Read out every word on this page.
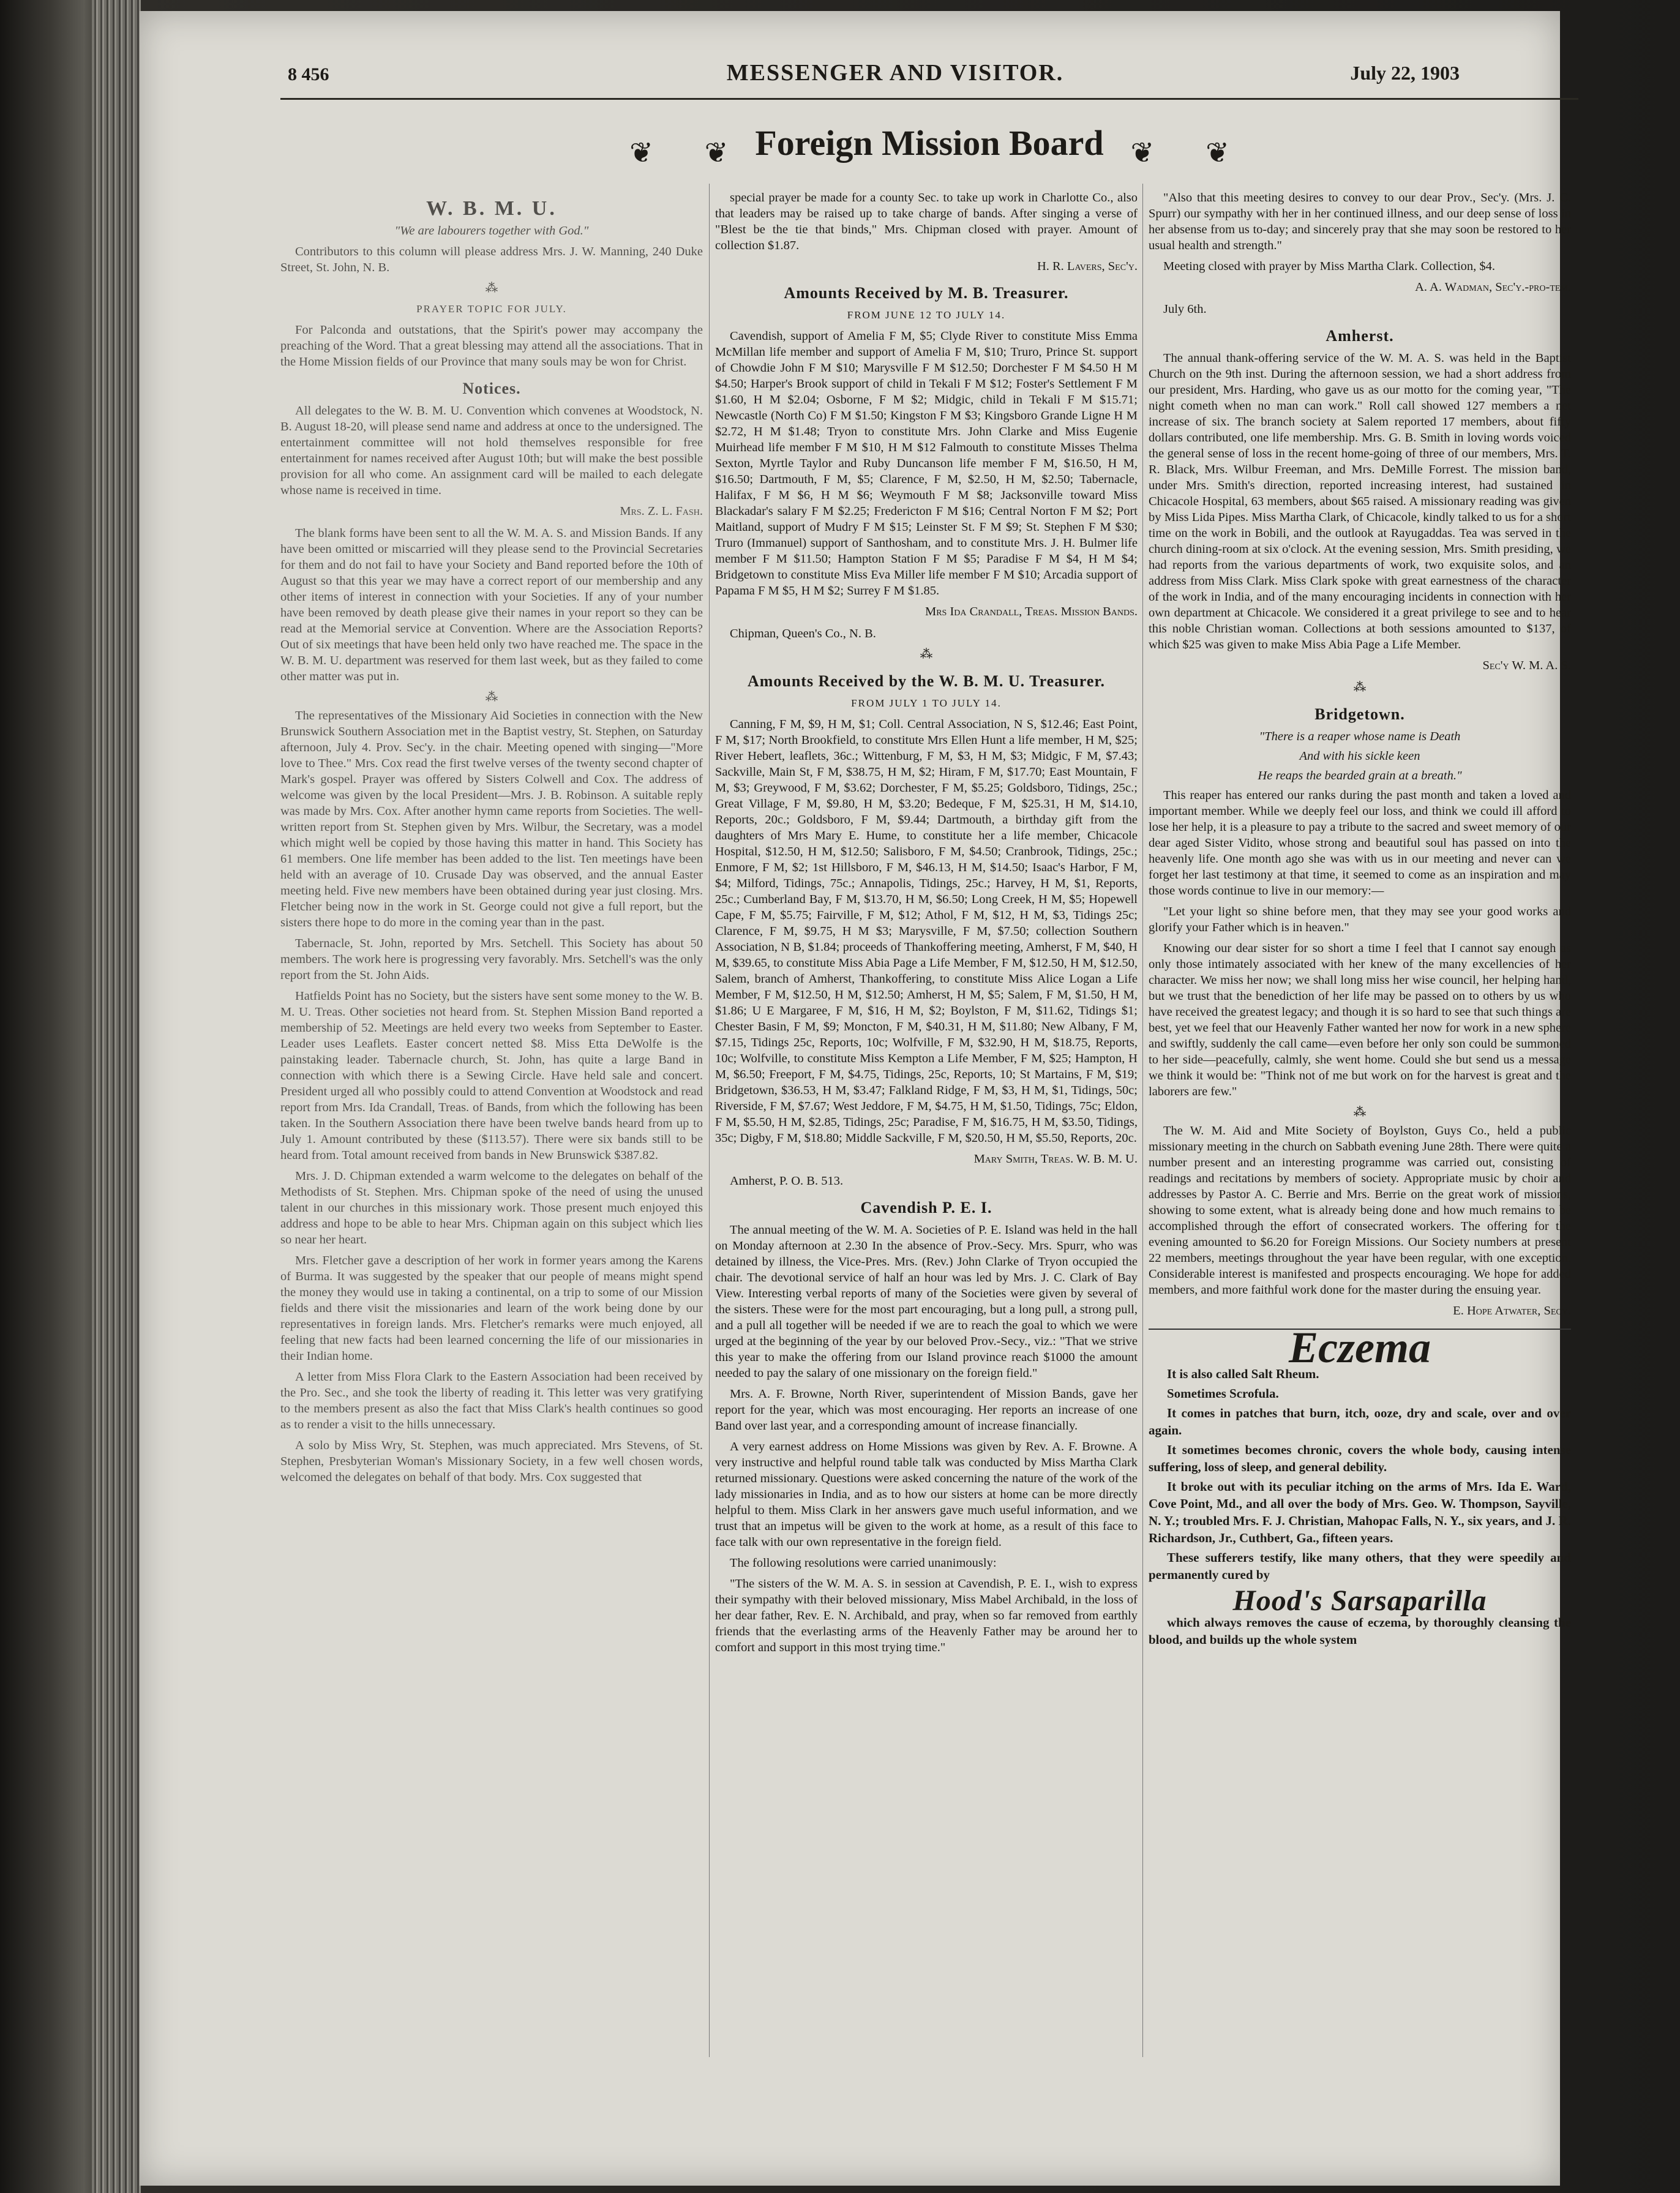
8 456	MESSENGER AND VISITOR.	July 22, 1903
❦ ❦ Foreign Mission Board ❦ ❦
W. B. M. U.
"We are labourers together with God."

Contributors to this column will please address Mrs. J. W. Manning, 240 Duke Street, St. John, N. B.

⁂
PRAYER TOPIC FOR JULY.

For Palconda and outstations, that the Spirit's power may accompany the preaching of the Word. That a great blessing may attend all the associations. That in the Home Mission fields of our Province that many souls may be won for Christ.

Notices.

All delegates to the W. B. M. U. Convention which convenes at Woodstock, N. B. August 18-20, will please send name and address at once to the undersigned. The entertainment committee will not hold themselves responsible for free entertainment for names received after August 10th; but will make the best possible provision for all who come. An assignment card will be mailed to each delegate whose name is received in time.

Mrs. Z. L. Fash.

The blank forms have been sent to all the W. M. A. S. and Mission Bands. If any have been omitted or miscarried will they please send to the Provincial Secretaries for them and do not fail to have your Society and Band reported before the 10th of August so that this year we may have a correct report of our membership and any other items of interest in connection with your Societies. If any of your number have been removed by death please give their names in your report so they can be read at the Memorial service at Convention. Where are the Association Reports? Out of six meetings that have been held only two have reached me. The space in the W. B. M. U. department was reserved for them last week, but as they failed to come other matter was put in.

⁂

The representatives of the Missionary Aid Societies in connection with the New Brunswick Southern Association met in the Baptist vestry, St. Stephen, on Saturday afternoon, July 4. Prov. Sec'y. in the chair. Meeting opened with singing—"More love to Thee." Mrs. Cox read the first twelve verses of the twenty second chapter of Mark's gospel. Prayer was offered by Sisters Colwell and Cox. The address of welcome was given by the local President—Mrs. J. B. Robinson. A suitable reply was made by Mrs. Cox. After another hymn came reports from Societies. The well-written report from St. Stephen given by Mrs. Wilbur, the Secretary, was a model which might well be copied by those having this matter in hand. This Society has 61 members. One life member has been added to the list. Ten meetings have been held with an average of 10. Crusade Day was observed, and the annual Easter meeting held. Five new members have been obtained during year just closing. Mrs. Fletcher being now in the work in St. George could not give a full report, but the sisters there hope to do more in the coming year than in the past.

Tabernacle, St. John, reported by Mrs. Setchell. This Society has about 50 members. The work here is progressing very favorably. Mrs. Setchell's was the only report from the St. John Aids.

Hatfields Point has no Society, but the sisters have sent some money to the W. B. M. U. Treas. Other societies not heard from. St. Stephen Mission Band reported a membership of 52. Meetings are held every two weeks from September to Easter. Leader uses Leaflets. Easter concert netted $8. Miss Etta DeWolfe is the painstaking leader. Tabernacle church, St. John, has quite a large Band in connection with which there is a Sewing Circle. Have held sale and concert. President urged all who possibly could to attend Convention at Woodstock and read report from Mrs. Ida Crandall, Treas. of Bands, from which the following has been taken. In the Southern Association there have been twelve bands heard from up to July 1. Amount contributed by these ($113.57). There were six bands still to be heard from. Total amount received from bands in New Brunswick $387.82.

Mrs. J. D. Chipman extended a warm welcome to the delegates on behalf of the Methodists of St. Stephen. Mrs. Chipman spoke of the need of using the unused talent in our churches in this missionary work. Those present much enjoyed this address and hope to be able to hear Mrs. Chipman again on this subject which lies so near her heart.

Mrs. Fletcher gave a description of her work in former years among the Karens of Burma. It was suggested by the speaker that our people of means might spend the money they would use in taking a continental, on a trip to some of our Mission fields and there visit the missionaries and learn of the work being done by our representatives in foreign lands. Mrs. Fletcher's remarks were much enjoyed, all feeling that new facts had been learned concerning the life of our missionaries in their Indian home.

A letter from Miss Flora Clark to the Eastern Association had been received by the Pro. Sec., and she took the liberty of reading it. This letter was very gratifying to the members present as also the fact that Miss Clark's health continues so good as to render a visit to the hills unnecessary.

A solo by Miss Wry, St. Stephen, was much appreciated. Mrs Stevens, of St. Stephen, Presbyterian Woman's Missionary Society, in a few well chosen words, welcomed the delegates on behalf of that body. Mrs. Cox suggested that

special prayer be made for a county Sec. to take up work in Charlotte Co., also that leaders may be raised up to take charge of bands. After singing a verse of "Blest be the tie that binds," Mrs. Chipman closed with prayer. Amount of collection $1.87.

H. R. Lavers, Sec'y.
Amounts Received by M. B. Treasurer.
FROM JUNE 12 TO JULY 14.

Cavendish, support of Amelia F M, $5; Clyde River to constitute Miss Emma McMillan life member and support of Amelia F M, $10; Truro, Prince St. support of Chowdie John F M $10; Marysville F M $12.50; Dorchester F M $4.50 H M $4.50; Harper's Brook support of child in Tekali F M $12; Foster's Settlement F M $1.60, H M $2.04; Osborne, F M $2; Midgic, child in Tekali F M $15.71; Newcastle (North Co) F M $1.50; Kingston F M $3; Kingsboro Grande Ligne H M $2.72, H M $1.48; Tryon to constitute Mrs. John Clarke and Miss Eugenie Muirhead life member F M $10, H M $12 Falmouth to constitute Misses Thelma Sexton, Myrtle Taylor and Ruby Duncanson life member F M, $16.50, H M, $16.50; Dartmouth, F M, $5; Clarence, F M, $2.50, H M, $2.50; Tabernacle, Halifax, F M $6, H M $6; Weymouth F M $8; Jacksonville toward Miss Blackadar's salary F M $2.25; Fredericton F M $16; Central Norton F M $2; Port Maitland, support of Mudry F M $15; Leinster St. F M $9; St. Stephen F M $30; Truro (Immanuel) support of Santhosham, and to constitute Mrs. J. H. Bulmer life member F M $11.50; Hampton Station F M $5; Paradise F M $4, H M $4; Bridgetown to constitute Miss Eva Miller life member F M $10; Arcadia support of Papama F M $5, H M $2; Surrey F M $1.85.

Mrs Ida Crandall, Treas. Mission Bands.

Chipman, Queen's Co., N. B.

⁂
Amounts Received by the W. B. M. U. Treasurer.
FROM JULY 1 TO JULY 14.

Canning, F M, $9, H M, $1; Coll. Central Association, N S, $12.46; East Point, F M, $17; North Brookfield, to constitute Mrs Ellen Hunt a life member, H M, $25; River Hebert, leaflets, 36c.; Wittenburg, F M, $3, H M, $3; Midgic, F M, $7.43; Sackville, Main St, F M, $38.75, H M, $2; Hiram, F M, $17.70; East Mountain, F M, $3; Greywood, F M, $3.62; Dorchester, F M, $5.25; Goldsboro, Tidings, 25c.; Great Village, F M, $9.80, H M, $3.20; Bedeque, F M, $25.31, H M, $14.10, Reports, 20c.; Goldsboro, F M, $9.44; Dartmouth, a birthday gift from the daughters of Mrs Mary E. Hume, to constitute her a life member, Chicacole Hospital, $12.50, H M, $12.50; Salisboro, F M, $4.50; Cranbrook, Tidings, 25c.; Enmore, F M, $2; 1st Hillsboro, F M, $46.13, H M, $14.50; Isaac's Harbor, F M, $4; Milford, Tidings, 75c.; Annapolis, Tidings, 25c.; Harvey, H M, $1, Reports, 25c.; Cumberland Bay, F M, $13.70, H M, $6.50; Long Creek, H M, $5; Hopewell Cape, F M, $5.75; Fairville, F M, $12; Athol, F M, $12, H M, $3, Tidings 25c; Clarence, F M, $9.75, H M $3; Marysville, F M, $7.50; collection Southern Association, N B, $1.84; proceeds of Thankoffering meeting, Amherst, F M, $40, H M, $39.65, to constitute Miss Abia Page a Life Member, F M, $12.50, H M, $12.50, Salem, branch of Amherst, Thankoffering, to constitute Miss Alice Logan a Life Member, F M, $12.50, H M, $12.50; Amherst, H M, $5; Salem, F M, $1.50, H M, $1.86; U E Margaree, F M, $16, H M, $2; Boylston, F M, $11.62, Tidings $1; Chester Basin, F M, $9; Moncton, F M, $40.31, H M, $11.80; New Albany, F M, $7.15, Tidings 25c, Reports, 10c; Wolfville, F M, $32.90, H M, $18.75, Reports, 10c; Wolfville, to constitute Miss Kempton a Life Member, F M, $25; Hampton, H M, $6.50; Freeport, F M, $4.75, Tidings, 25c, Reports, 10; St Martains, F M, $19; Bridgetown, $36.53, H M, $3.47; Falkland Ridge, F M, $3, H M, $1, Tidings, 50c; Riverside, F M, $7.67; West Jeddore, F M, $4.75, H M, $1.50, Tidings, 75c; Eldon, F M, $5.50, H M, $2.85, Tidings, 25c; Paradise, F M, $16.75, H M, $3.50, Tidings, 35c; Digby, F M, $18.80; Middle Sackville, F M, $20.50, H M, $5.50, Reports, 20c.

Mary Smith, Treas. W. B. M. U.

Amherst, P. O. B. 513.

Cavendish P. E. I.

The annual meeting of the W. M. A. Societies of P. E. Island was held in the hall on Monday afternoon at 2.30 In the absence of Prov.-Secy. Mrs. Spurr, who was detained by illness, the Vice-Pres. Mrs. (Rev.) John Clarke of Tryon occupied the chair. The devotional service of half an hour was led by Mrs. J. C. Clark of Bay View. Interesting verbal reports of many of the Societies were given by several of the sisters. These were for the most part encouraging, but a long pull, a strong pull, and a pull all together will be needed if we are to reach the goal to which we were urged at the beginning of the year by our beloved Prov.-Secy., viz.: "That we strive this year to make the offering from our Island province reach $1000 the amount needed to pay the salary of one missionary on the foreign field."

Mrs. A. F. Browne, North River, superintendent of Mission Bands, gave her report for the year, which was most encouraging. Her reports an increase of one Band over last year, and a corresponding amount of increase financially.

A very earnest address on Home Missions was given by Rev. A. F. Browne. A very instructive and helpful round table talk was conducted by Miss Martha Clark returned missionary. Questions were asked concerning the nature of the work of the lady missionaries in India, and as to how our sisters at home can be more directly helpful to them. Miss Clark in her answers gave much useful information, and we trust that an impetus will be given to the work at home, as a result of this face to face talk with our own representative in the foreign field.

The following resolutions were carried unanimously:

"The sisters of the W. M. A. S. in session at Cavendish, P. E. I., wish to express their sympathy with their beloved missionary, Miss Mabel Archibald, in the loss of her dear father, Rev. E. N. Archibald, and pray, when so far removed from earthly friends that the everlasting arms of the Heavenly Father may be around her to comfort and support in this most trying time."

"Also that this meeting desires to convey to our dear Prov., Sec'y. (Mrs. J. C. Spurr) our sympathy with her in her continued illness, and our deep sense of loss in her absense from us to-day; and sincerely pray that she may soon be restored to her usual health and strength."

Meeting closed with prayer by Miss Martha Clark. Collection, $4.

A. A. Wadman, Sec'y.-pro-tem.

July 6th.

Amherst.

The annual thank-offering service of the W. M. A. S. was held in the Baptist Church on the 9th inst. During the afternoon session, we had a short address from our president, Mrs. Harding, who gave us as our motto for the coming year, "The night cometh when no man can work." Roll call showed 127 members a net increase of six. The branch society at Salem reported 17 members, about fifty dollars contributed, one life membership. Mrs. G. B. Smith in loving words voiced the general sense of loss in the recent home-going of three of our members, Mrs. T. R. Black, Mrs. Wilbur Freeman, and Mrs. DeMille Forrest. The mission band, under Mrs. Smith's direction, reported increasing interest, had sustained in Chicacole Hospital, 63 members, about $65 raised. A missionary reading was given by Miss Lida Pipes. Miss Martha Clark, of Chicacole, kindly talked to us for a short time on the work in Bobili, and the outlook at Rayugaddas. Tea was served in the church dining-room at six o'clock. At the evening session, Mrs. Smith presiding, we had reports from the various departments of work, two exquisite solos, and an address from Miss Clark. Miss Clark spoke with great earnestness of the character of the work in India, and of the many encouraging incidents in connection with her own department at Chicacole. We considered it a great privilege to see and to hear this noble Christian woman. Collections at both sessions amounted to $137, of which $25 was given to make Miss Abia Page a Life Member.

Sec'y W. M. A. S.
⁂
Bridgetown.
"There is a reaper whose name is Death
And with his sickle keen
He reaps the bearded grain at a breath."

This reaper has entered our ranks during the past month and taken a loved and important member. While we deeply feel our loss, and think we could ill afford to lose her help, it is a pleasure to pay a tribute to the sacred and sweet memory of our dear aged Sister Vidito, whose strong and beautiful soul has passed on into the heavenly life. One month ago she was with us in our meeting and never can we forget her last testimony at that time, it seemed to come as an inspiration and may those words continue to live in our memory:—

"Let your light so shine before men, that they may see your good works and glorify your Father which is in heaven."

Knowing our dear sister for so short a time I feel that I cannot say enough as only those intimately associated with her knew of the many excellencies of her character. We miss her now; we shall long miss her wise council, her helping hand, but we trust that the benediction of her life may be passed on to others by us who have received the greatest legacy; and though it is so hard to see that such things are best, yet we feel that our Heavenly Father wanted her now for work in a new sphere and swiftly, suddenly the call came—even before her only son could be summoned to her side—peacefully, calmly, she went home. Could she but send us a message we think it would be: "Think not of me but work on for the harvest is great and the laborers are few."

⁂

The W. M. Aid and Mite Society of Boylston, Guys Co., held a public missionary meeting in the church on Sabbath evening June 28th. There were quite a number present and an interesting programme was carried out, consisting of readings and recitations by members of society. Appropriate music by choir and addresses by Pastor A. C. Berrie and Mrs. Berrie on the great work of missions, showing to some extent, what is already being done and how much remains to be accomplished through the effort of consecrated workers. The offering for the evening amounted to $6.20 for Foreign Missions. Our Society numbers at present 22 members, meetings throughout the year have been regular, with one exception. Considerable interest is manifested and prospects encouraging. We hope for added members, and more faithful work done for the master during the ensuing year.

E. Hope Atwater, Secy.
Eczema

It is also called Salt Rheum.

Sometimes Scrofula.

It comes in patches that burn, itch, ooze, dry and scale, over and over again.

It sometimes becomes chronic, covers the whole body, causing intense suffering, loss of sleep, and general debility.

It broke out with its peculiar itching on the arms of Mrs. Ida E. Ward, Cove Point, Md., and all over the body of Mrs. Geo. W. Thompson, Sayville, N. Y.; troubled Mrs. F. J. Christian, Mahopac Falls, N. Y., six years, and J. R. Richardson, Jr., Cuthbert, Ga., fifteen years.

These sufferers testify, like many others, that they were speedily and permanently cured by

Hood's Sarsaparilla

which always removes the cause of eczema, by thoroughly cleansing the blood, and builds up the whole system
